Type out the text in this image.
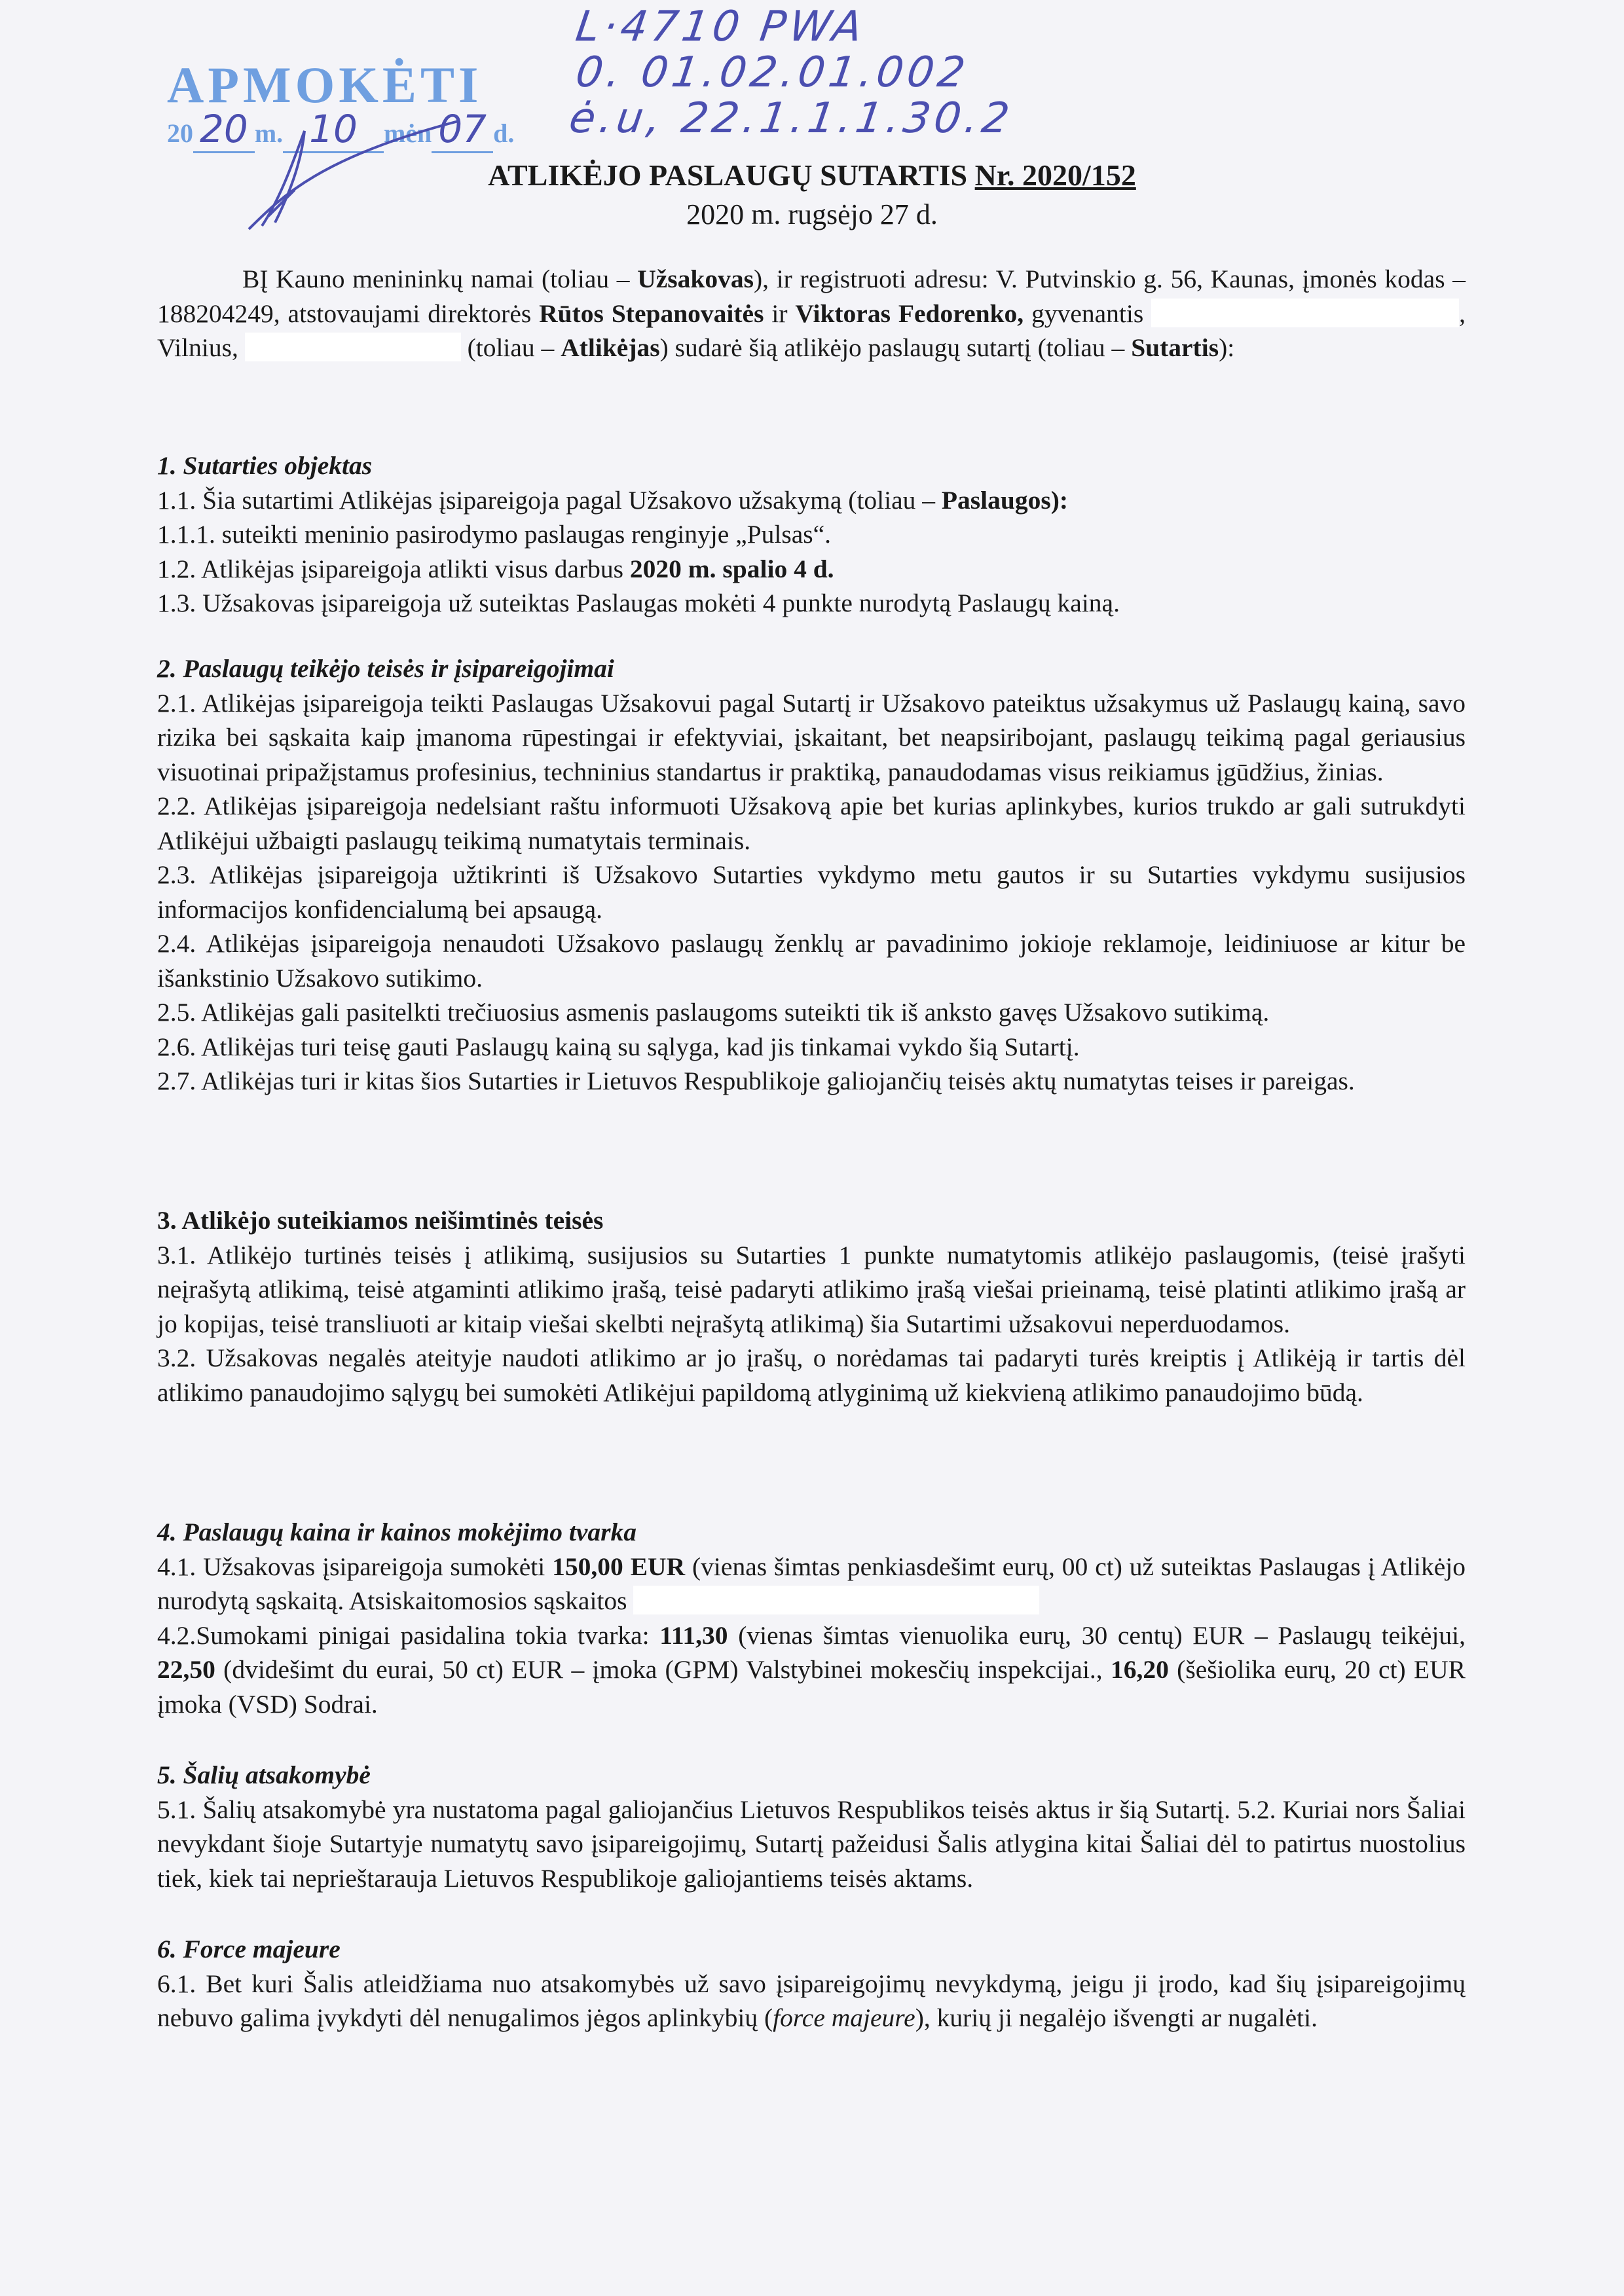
L·4710 PWA
0. 01.02.01.002
ė.u, 22.1.1.1.30.2
APMOKĖTI
20 20 m. 10 mėn 07 d.
ATLIKĖJO PASLAUGŲ SUTARTIS Nr. 2020/152
2020 m. rugsėjo 27 d.

BĮ Kauno menininkų namai (toliau – Užsakovas), ir registruoti adresu: V. Putvinskio g. 56, Kaunas, įmonės kodas – 188204249, atstovaujami direktorės Rūtos Stepanovaitės ir Viktoras Fedorenko, gyvenantis	, Vilnius,	(toliau – Atlikėjas) sudarė šią atlikėjo paslaugų sutartį (toliau – Sutartis):

1. Sutarties objektas

1.1. Šia sutartimi Atlikėjas įsipareigoja pagal Užsakovo užsakymą (toliau – Paslaugos):

1.1.1. suteikti meninio pasirodymo paslaugas renginyje „Pulsas“.

1.2. Atlikėjas įsipareigoja atlikti visus darbus 2020 m. spalio 4 d.

1.3. Užsakovas įsipareigoja už suteiktas Paslaugas mokėti 4 punkte nurodytą Paslaugų kainą.

2. Paslaugų teikėjo teisės ir įsipareigojimai

2.1. Atlikėjas įsipareigoja teikti Paslaugas Užsakovui pagal Sutartį ir Užsakovo pateiktus užsakymus už Paslaugų kainą, savo rizika bei sąskaita kaip įmanoma rūpestingai ir efektyviai, įskaitant, bet neapsiribojant, paslaugų teikimą pagal geriausius visuotinai pripažįstamus profesinius, techninius standartus ir praktiką, panaudodamas visus reikiamus įgūdžius, žinias.

2.2. Atlikėjas įsipareigoja nedelsiant raštu informuoti Užsakovą apie bet kurias aplinkybes, kurios trukdo ar gali sutrukdyti Atlikėjui užbaigti paslaugų teikimą numatytais terminais.

2.3. Atlikėjas įsipareigoja užtikrinti iš Užsakovo Sutarties vykdymo metu gautos ir su Sutarties vykdymu susijusios informacijos konfidencialumą bei apsaugą.

2.4. Atlikėjas įsipareigoja nenaudoti Užsakovo paslaugų ženklų ar pavadinimo jokioje reklamoje, leidiniuose ar kitur be išankstinio Užsakovo sutikimo.

2.5. Atlikėjas gali pasitelkti trečiuosius asmenis paslaugoms suteikti tik iš anksto gavęs Užsakovo sutikimą.

2.6. Atlikėjas turi teisę gauti Paslaugų kainą su sąlyga, kad jis tinkamai vykdo šią Sutartį.

2.7. Atlikėjas turi ir kitas šios Sutarties ir Lietuvos Respublikoje galiojančių teisės aktų numatytas teises ir pareigas.

3. Atlikėjo suteikiamos neišimtinės teisės

3.1. Atlikėjo turtinės teisės į atlikimą, susijusios su Sutarties 1 punkte numatytomis atlikėjo paslaugomis, (teisė įrašyti neįrašytą atlikimą, teisė atgaminti atlikimo įrašą, teisė padaryti atlikimo įrašą viešai prieinamą, teisė platinti atlikimo įrašą ar jo kopijas, teisė transliuoti ar kitaip viešai skelbti neįrašytą atlikimą) šia Sutartimi užsakovui neperduodamos.

3.2. Užsakovas negalės ateityje naudoti atlikimo ar jo įrašų, o norėdamas tai padaryti turės kreiptis į Atlikėją ir tartis dėl atlikimo panaudojimo sąlygų bei sumokėti Atlikėjui papildomą atlyginimą už kiekvieną atlikimo panaudojimo būdą.

4. Paslaugų kaina ir kainos mokėjimo tvarka

4.1. Užsakovas įsipareigoja sumokėti 150,00 EUR (vienas šimtas penkiasdešimt eurų, 00 ct) už suteiktas Paslaugas į Atlikėjo nurodytą sąskaitą. Atsiskaitomosios sąskaitos

4.2.Sumokami pinigai pasidalina tokia tvarka: 111,30 (vienas šimtas vienuolika eurų, 30 centų) EUR – Paslaugų teikėjui, 22,50 (dvidešimt du eurai, 50 ct) EUR – įmoka (GPM) Valstybinei mokesčių inspekcijai., 16,20 (šešiolika eurų, 20 ct) EUR įmoka (VSD) Sodrai.

5. Šalių atsakomybė

5.1. Šalių atsakomybė yra nustatoma pagal galiojančius Lietuvos Respublikos teisės aktus ir šią Sutartį. 5.2. Kuriai nors Šaliai nevykdant šioje Sutartyje numatytų savo įsipareigojimų, Sutartį pažeidusi Šalis atlygina kitai Šaliai dėl to patirtus nuostolius tiek, kiek tai neprieštarauja Lietuvos Respublikoje galiojantiems teisės aktams.

6. Force majeure

6.1. Bet kuri Šalis atleidžiama nuo atsakomybės už savo įsipareigojimų nevykdymą, jeigu ji įrodo, kad šių įsipareigojimų nebuvo galima įvykdyti dėl nenugalimos jėgos aplinkybių (force majeure), kurių ji negalėjo išvengti ar nugalėti.
